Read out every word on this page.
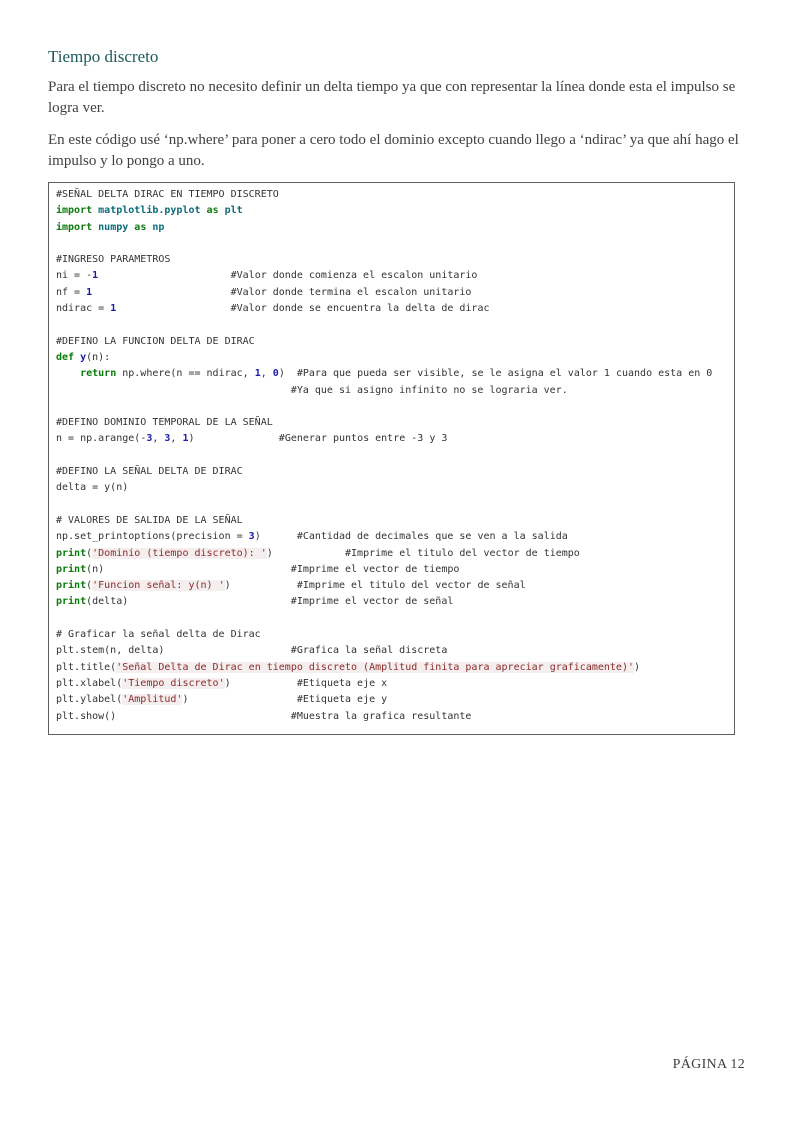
Tiempo discreto

Para el tiempo discreto no necesito definir un delta tiempo ya que con representar la línea donde esta el impulso se logra ver.

En este código usé ‘np.where’ para poner a cero todo el dominio excepto cuando llego a ‘ndirac’ ya que ahí hago el impulso y lo pongo a uno.

#SEÑAL DELTA DIRAC EN TIEMPO DISCRETO
import matplotlib.pyplot as plt
import numpy as np
#INGRESO PARAMETROS
ni = -1                      #Valor donde comienza el escalon unitario
nf = 1                       #Valor donde termina el escalon unitario
ndirac = 1                   #Valor donde se encuentra la delta de dirac
#DEFINO LA FUNCION DELTA DE DIRAC
def y(n):
return np.where(n == ndirac, 1, 0)  #Para que pueda ser visible, se le asigna el valor 1 cuando esta en 0
#Ya que si asigno infinito no se lograria ver.
#DEFINO DOMINIO TEMPORAL DE LA SEÑAL
n = np.arange(-3, 3, 1)              #Generar puntos entre -3 y 3
#DEFINO LA SEÑAL DELTA DE DIRAC
delta = y(n)
# VALORES DE SALIDA DE LA SEÑAL
np.set_printoptions(precision = 3)      #Cantidad de decimales que se ven a la salida
print('Dominio (tiempo discreto): ')            #Imprime el titulo del vector de tiempo
print(n)                               #Imprime el vector de tiempo
print('Funcion señal: y(n) ')           #Imprime el titulo del vector de señal
print(delta)                           #Imprime el vector de señal
# Graficar la señal delta de Dirac
plt.stem(n, delta)                     #Grafica la señal discreta
plt.title('Señal Delta de Dirac en tiempo discreto (Amplitud finita para apreciar graficamente)')
plt.xlabel('Tiempo discreto')           #Etiqueta eje x
plt.ylabel('Amplitud')                  #Etiqueta eje y
plt.show()                             #Muestra la grafica resultante
PÁGINA 12
